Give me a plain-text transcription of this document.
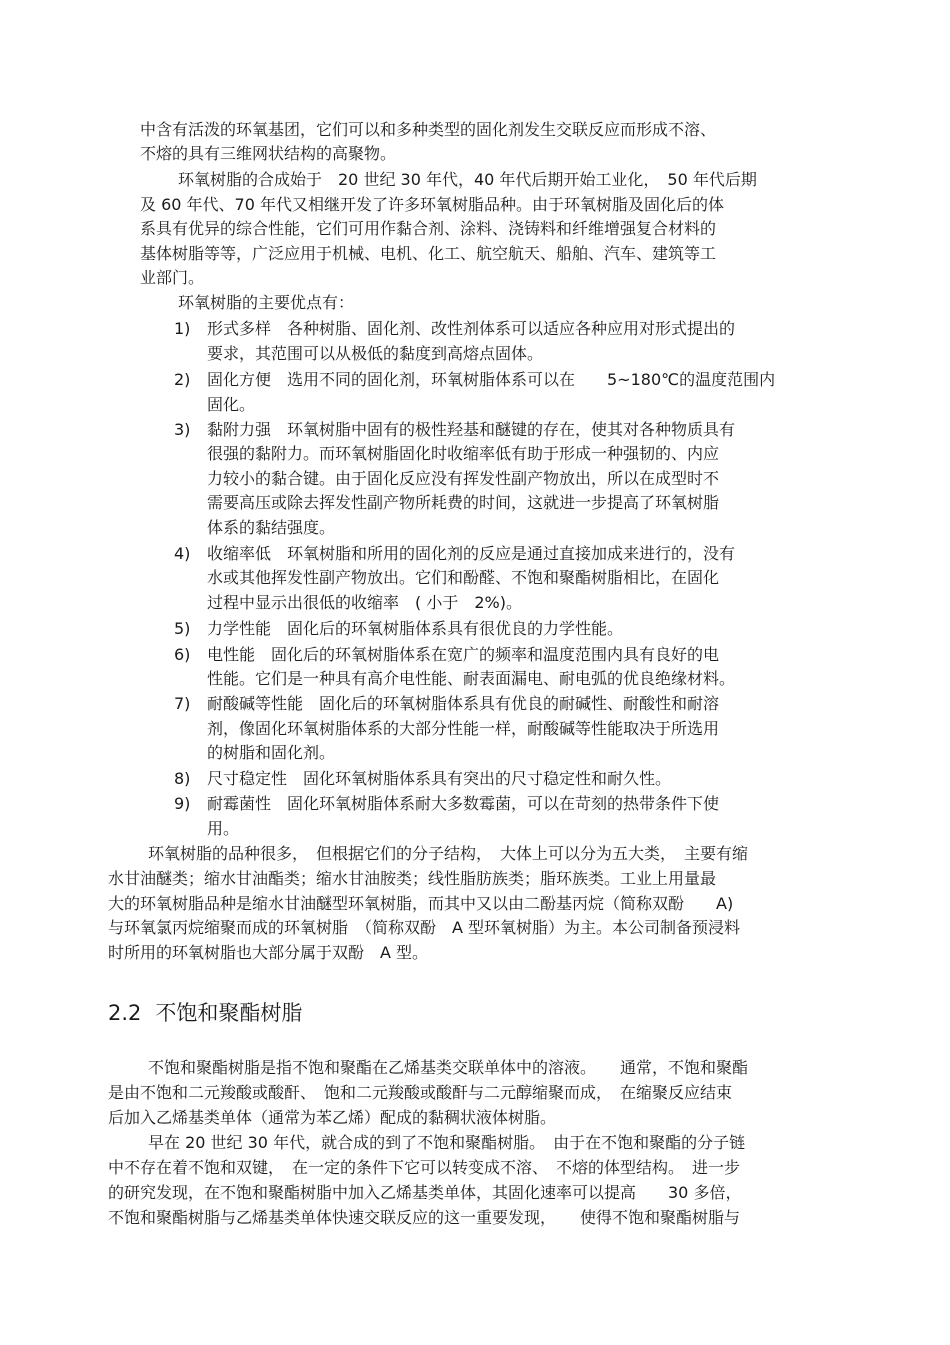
中含有活泼的环氧基团，它们可以和多种类型的固化剂发生交联反应而形成不溶、
不熔的具有三维网状结构的高聚物。
环氧树脂的合成始于　20 世纪 30 年代，40 年代后期开始工业化，　50 年代后期
及 60 年代、70 年代又相继开发了许多环氧树脂品种。由于环氧树脂及固化后的体
系具有优异的综合性能，它们可用作黏合剂、涂料、浇铸料和纤维增强复合材料的
基体树脂等等，广泛应用于机械、电机、化工、航空航天、船舶、汽车、建筑等工
业部门。
环氧树脂的主要优点有：
1) 形式多样　各种树脂、固化剂、改性剂体系可以适应各种应用对形式提出的
要求，其范围可以从极低的黏度到高熔点固体。
2) 固化方便　选用不同的固化剂，环氧树脂体系可以在　　5~180℃的温度范围内
固化。
3) 黏附力强　环氧树脂中固有的极性羟基和醚键的存在，使其对各种物质具有
很强的黏附力。而环氧树脂固化时收缩率低有助于形成一种强韧的、内应
力较小的黏合键。由于固化反应没有挥发性副产物放出，所以在成型时不
需要高压或除去挥发性副产物所耗费的时间，这就进一步提高了环氧树脂
体系的黏结强度。
4) 收缩率低　环氧树脂和所用的固化剂的反应是通过直接加成来进行的，没有
水或其他挥发性副产物放出。它们和酚醛、不饱和聚酯树脂相比，在固化
过程中显示出很低的收缩率　( 小于　2%)。
5) 力学性能　固化后的环氧树脂体系具有很优良的力学性能。
6) 电性能　固化后的环氧树脂体系在宽广的频率和温度范围内具有良好的电
性能。它们是一种具有高介电性能、耐表面漏电、耐电弧的优良绝缘材料。
7) 耐酸碱等性能　固化后的环氧树脂体系具有优良的耐碱性、耐酸性和耐溶
剂，像固化环氧树脂体系的大部分性能一样，耐酸碱等性能取决于所选用
的树脂和固化剂。
8) 尺寸稳定性　固化环氧树脂体系具有突出的尺寸稳定性和耐久性。
9) 耐霉菌性　固化环氧树脂体系耐大多数霉菌，可以在苛刻的热带条件下使
用。
环氧树脂的品种很多，　但根据它们的分子结构，　大体上可以分为五大类，　主要有缩
水甘油醚类；缩水甘油酯类；缩水甘油胺类；线性脂肪族类；脂环族类。工业上用量最
大的环氧树脂品种是缩水甘油醚型环氧树脂，而其中又以由二酚基丙烷（简称双酚　　A)
与环氧氯丙烷缩聚而成的环氧树脂　（简称双酚　A 型环氧树脂）为主。本公司制备预浸料
时所用的环氧树脂也大部分属于双酚　A 型。
2.2 不饱和聚酯树脂
不饱和聚酯树脂是指不饱和聚酯在乙烯基类交联单体中的溶液。　　通常，不饱和聚酯
是由不饱和二元羧酸或酸酐、　饱和二元羧酸或酸酐与二元醇缩聚而成，　在缩聚反应结束
后加入乙烯基类单体（通常为苯乙烯）配成的黏稠状液体树脂。
早在 20 世纪 30 年代，就合成的到了不饱和聚酯树脂。　由于在不饱和聚酯的分子链
中不存在着不饱和双键，　在一定的条件下它可以转变成不溶、　不熔的体型结构。　进一步
的研究发现，在不饱和聚酯树脂中加入乙烯基类单体，其固化速率可以提高　　30 多倍，
不饱和聚酯树脂与乙烯基类单体快速交联反应的这一重要发现，　　使得不饱和聚酯树脂与
